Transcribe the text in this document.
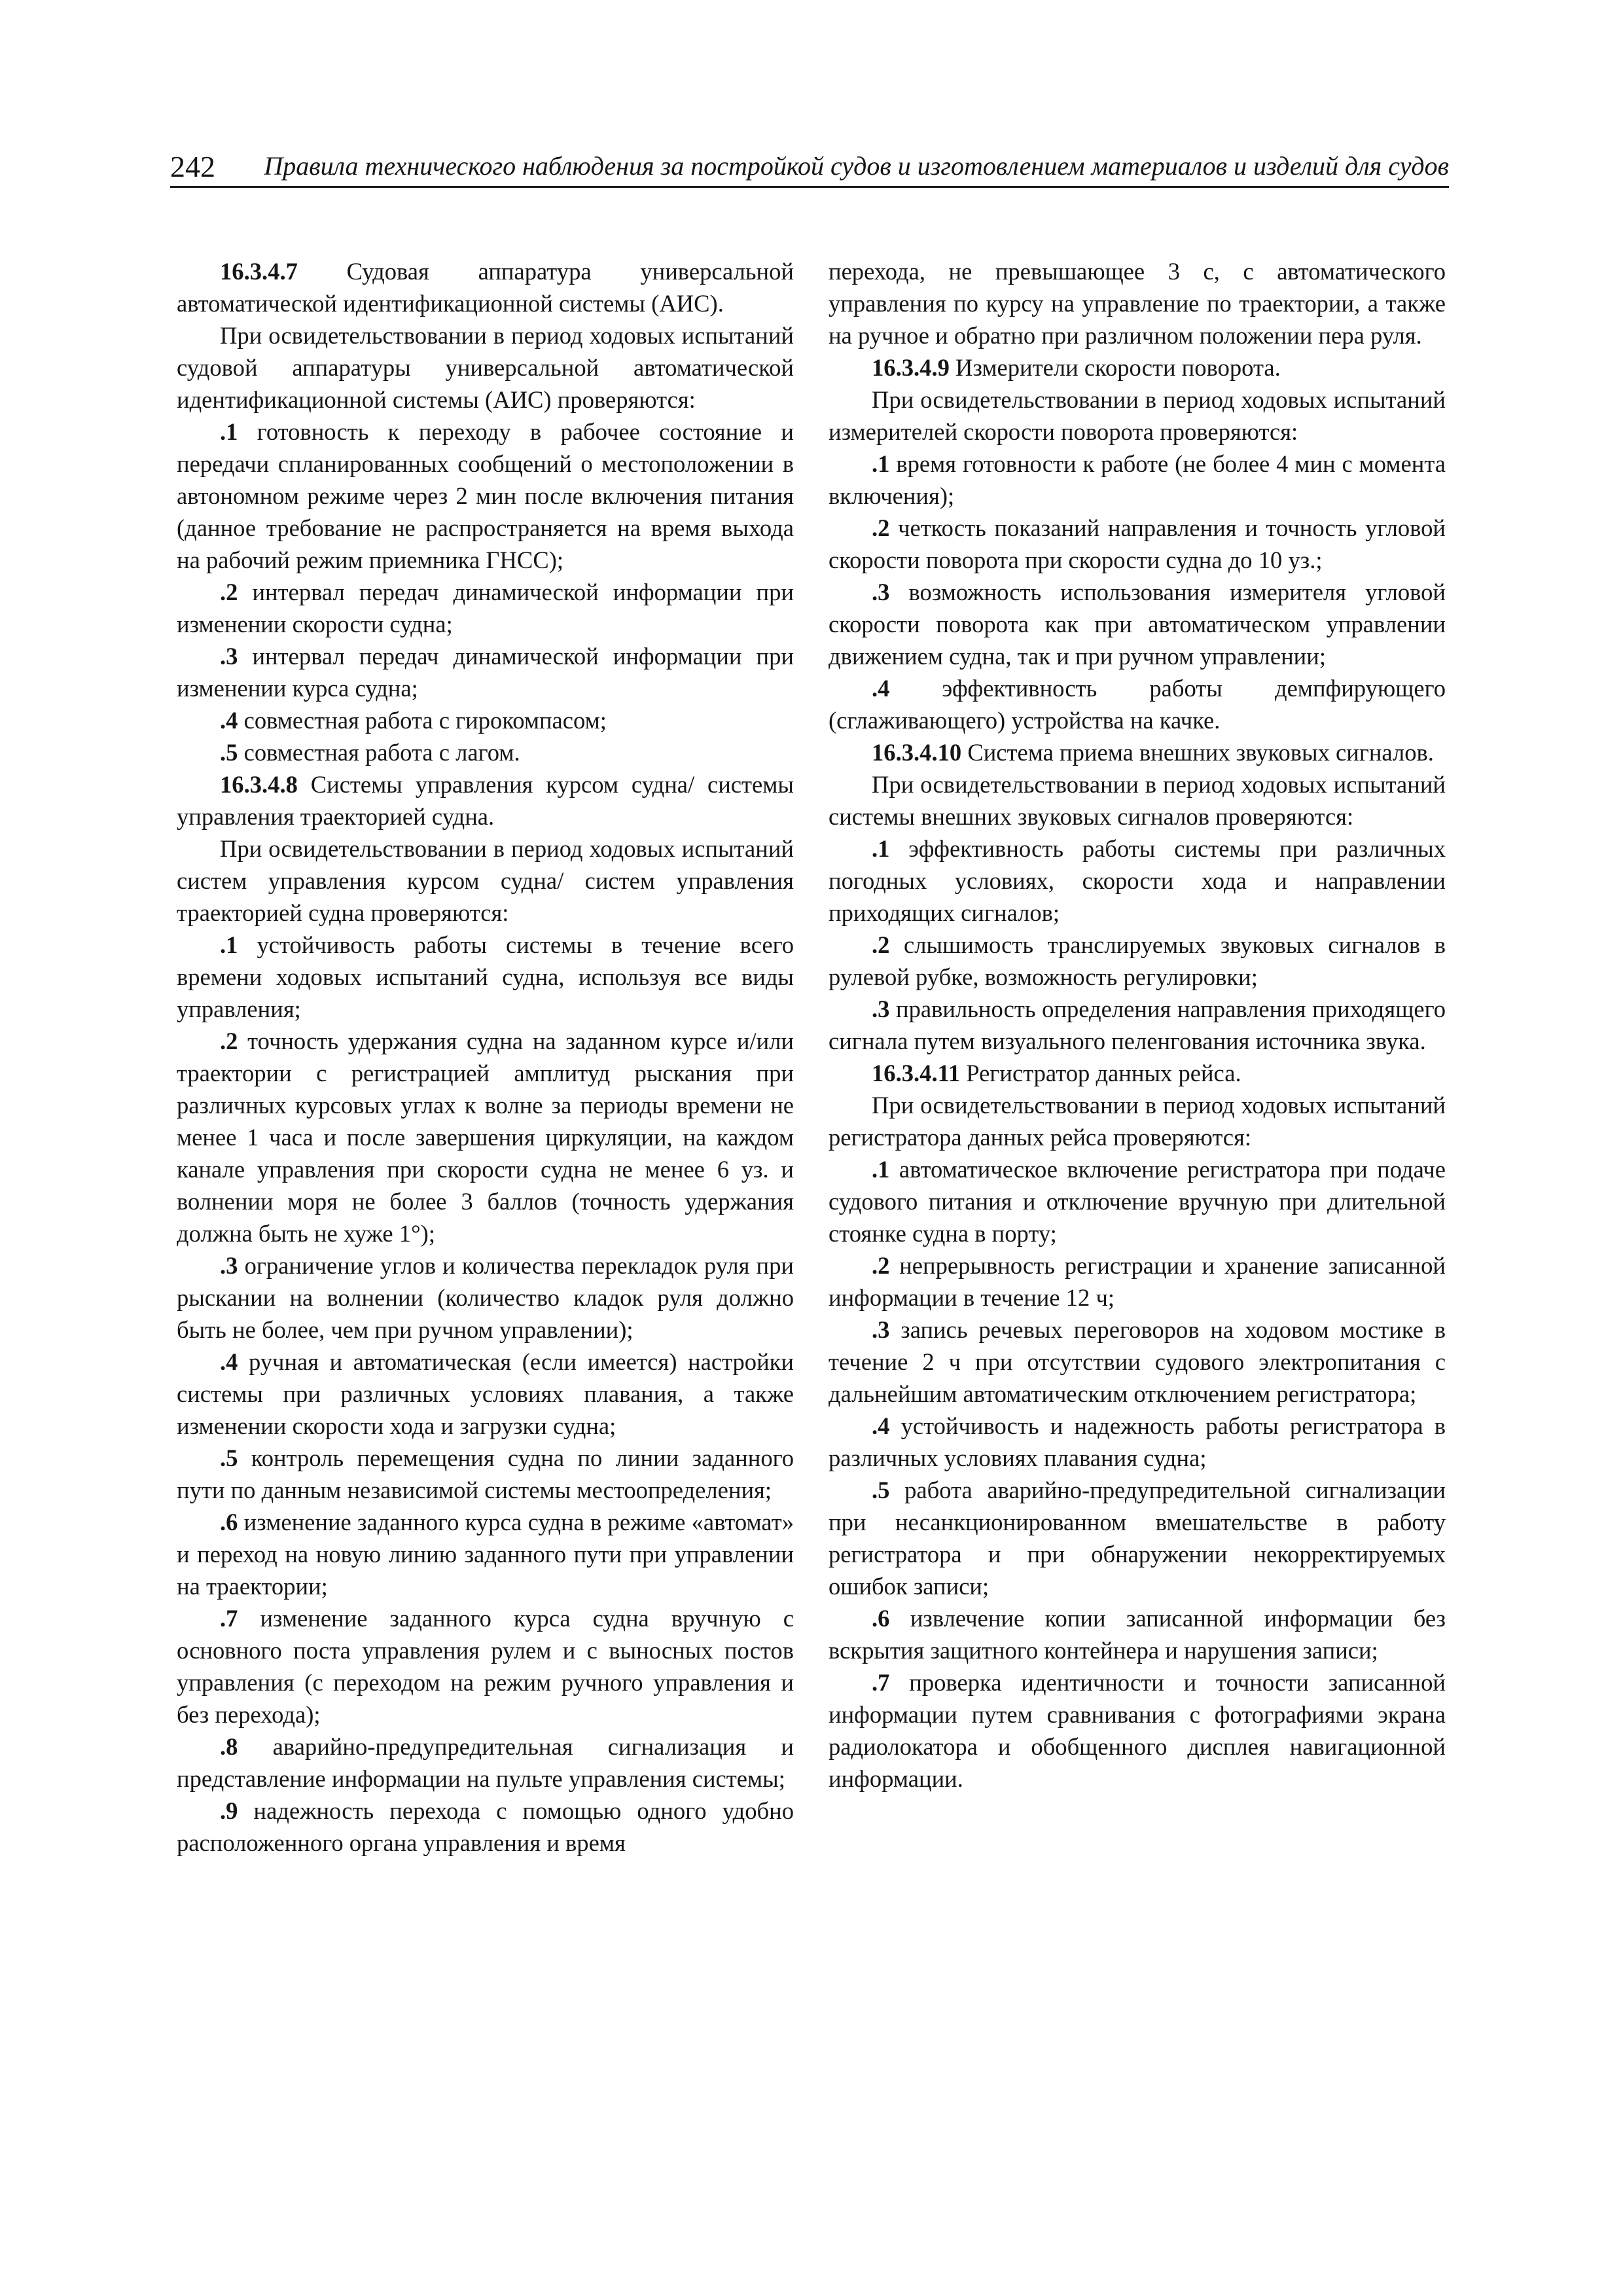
242 Правила технического наблюдения за постройкой судов и изготовлением материалов и изделий для судов

16.3.4.7 Судовая аппаратура универсальной автоматической идентификационной системы (АИС).

При освидетельствовании в период ходовых испытаний судовой аппаратуры универсальной автоматической идентификационной системы (АИС) проверяются:

.1 готовность к переходу в рабочее состояние и передачи спланированных сообщений о местоположении в автономном режиме через 2 мин после включения питания (данное требование не распространяется на время выхода на рабочий режим приемника ГНСС);

.2 интервал передач динамической информации при изменении скорости судна;

.3 интервал передач динамической информации при изменении курса судна;

.4 совместная работа с гирокомпасом;

.5 совместная работа с лагом.

16.3.4.8 Системы управления курсом судна/ системы управления траекторией судна.

При освидетельствовании в период ходовых испытаний систем управления курсом судна/ систем управления траекторией судна проверяются:

.1 устойчивость работы системы в течение всего времени ходовых испытаний судна, используя все виды управления;

.2 точность удержания судна на заданном курсе и/или траектории с регистрацией амплитуд рыскания при различных курсовых углах к волне за периоды времени не менее 1 часа и после завершения циркуляции, на каждом канале управления при скорости судна не менее 6 уз. и волнении моря не более 3 баллов (точность удержания должна быть не хуже 1°);

.3 ограничение углов и количества перекладок руля при рыскании на волнении (количество кладок руля должно быть не более, чем при ручном управлении);

.4 ручная и автоматическая (если имеется) настройки системы при различных условиях плавания, а также изменении скорости хода и загрузки судна;

.5 контроль перемещения судна по линии заданного пути по данным независимой системы местоопределения;

.6 изменение заданного курса судна в режиме «автомат» и переход на новую линию заданного пути при управлении на траектории;

.7 изменение заданного курса судна вручную с основного поста управления рулем и с выносных постов управления (с переходом на режим ручного управления и без перехода);

.8 аварийно-предупредительная сигнализация и представление информации на пульте управления системы;

.9 надежность перехода с помощью одного удобно расположенного органа управления и время

перехода, не превышающее 3 с, с автоматического управления по курсу на управление по траектории, а также на ручное и обратно при различном положении пера руля.

16.3.4.9 Измерители скорости поворота.

При освидетельствовании в период ходовых испытаний измерителей скорости поворота проверяются:

.1 время готовности к работе (не более 4 мин с момента включения);

.2 четкость показаний направления и точность угловой скорости поворота при скорости судна до 10 уз.;

.3 возможность использования измерителя угловой скорости поворота как при автоматическом управлении движением судна, так и при ручном управлении;

.4 эффективность работы демпфирующего (сглаживающего) устройства на качке.

16.3.4.10 Система приема внешних звуковых сигналов.

При освидетельствовании в период ходовых испытаний системы внешних звуковых сигналов проверяются:

.1 эффективность работы системы при различных погодных условиях, скорости хода и направлении приходящих сигналов;

.2 слышимость транслируемых звуковых сигналов в рулевой рубке, возможность регулировки;

.3 правильность определения направления приходящего сигнала путем визуального пеленгования источника звука.

16.3.4.11 Регистратор данных рейса.

При освидетельствовании в период ходовых испытаний регистратора данных рейса проверяются:

.1 автоматическое включение регистратора при подаче судового питания и отключение вручную при длительной стоянке судна в порту;

.2 непрерывность регистрации и хранение записанной информации в течение 12 ч;

.3 запись речевых переговоров на ходовом мостике в течение 2 ч при отсутствии судового электропитания с дальнейшим автоматическим отключением регистратора;

.4 устойчивость и надежность работы регистратора в различных условиях плавания судна;

.5 работа аварийно-предупредительной сигнализации при несанкционированном вмешательстве в работу регистратора и при обнаружении некорректируемых ошибок записи;

.6 извлечение копии записанной информации без вскрытия защитного контейнера и нарушения записи;

.7 проверка идентичности и точности записанной информации путем сравнивания с фотографиями экрана радиолокатора и обобщенного дисплея навигационной информации.
